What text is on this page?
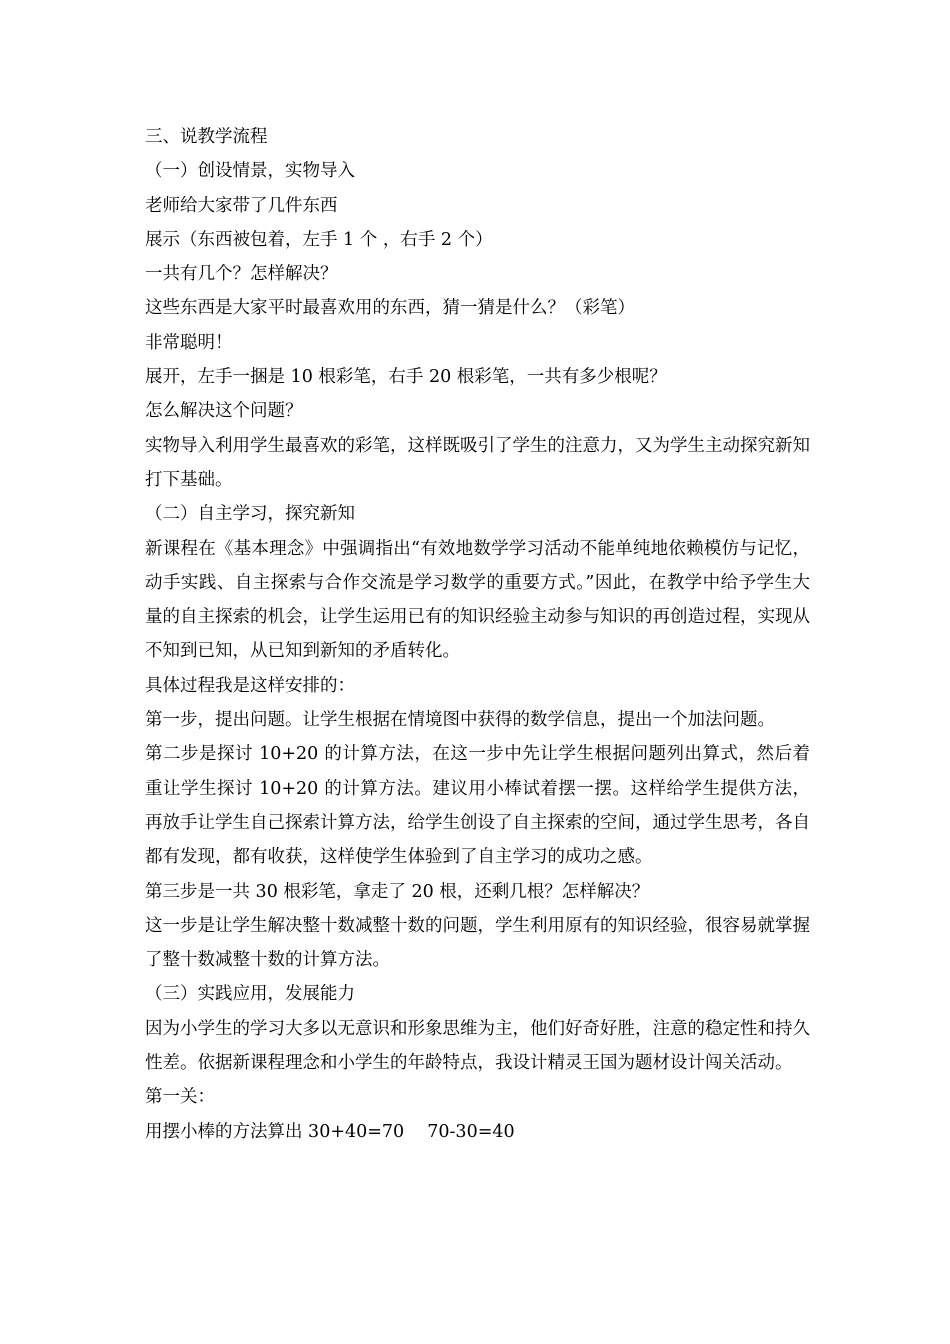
三、说教学流程

（一）创设情景，实物导入

老师给大家带了几件东西

展示（东西被包着，左手 1 个 ，右手 2 个）

一共有几个？怎样解决？

这些东西是大家平时最喜欢用的东西，猜一猜是什么？（彩笔）

非常聪明！

展开，左手一捆是 10 根彩笔，右手 20 根彩笔，一共有多少根呢？

怎么解决这个问题？

实物导入利用学生最喜欢的彩笔，这样既吸引了学生的注意力，又为学生主动探究新知打下基础。

（二）自主学习，探究新知

新课程在《基本理念》中强调指出“有效地数学学习活动不能单纯地依赖模仿与记忆，动手实践、自主探索与合作交流是学习数学的重要方式。”因此，在教学中给予学生大量的自主探索的机会，让学生运用已有的知识经验主动参与知识的再创造过程，实现从不知到已知，从已知到新知的矛盾转化。

具体过程我是这样安排的：

第一步，提出问题。让学生根据在情境图中获得的数学信息，提出一个加法问题。

第二步是探讨 10+20 的计算方法，在这一步中先让学生根据问题列出算式，然后着重让学生探讨 10+20 的计算方法。建议用小棒试着摆一摆。这样给学生提供方法，再放手让学生自己探索计算方法，给学生创设了自主探索的空间，通过学生思考，各自都有发现，都有收获，这样使学生体验到了自主学习的成功之感。

第三步是一共 30 根彩笔，拿走了 20 根，还剩几根？怎样解决？

这一步是让学生解决整十数减整十数的问题，学生利用原有的知识经验，很容易就掌握了整十数减整十数的计算方法。

（三）实践应用，发展能力

因为小学生的学习大多以无意识和形象思维为主，他们好奇好胜，注意的稳定性和持久性差。依据新课程理念和小学生的年龄特点，我设计精灵王国为题材设计闯关活动。

第一关：

用摆小棒的方法算出 30+40=70　 70-30=40
